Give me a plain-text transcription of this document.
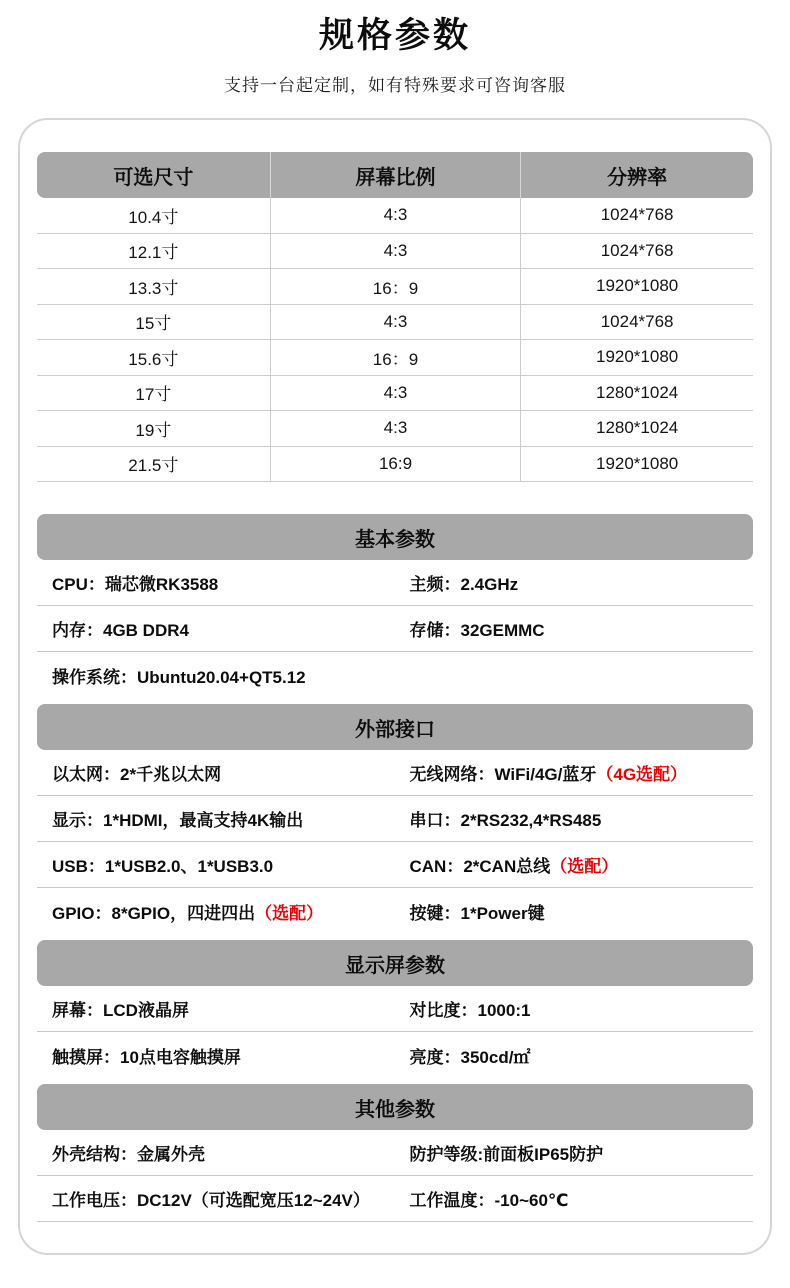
规格参数
支持一台起定制，如有特殊要求可咨询客服
可选尺寸	屏幕比例	分辨率
10.4寸	4:3	1024*768
12.1寸	4:3	1024*768
13.3寸	16：9	1920*1080
15寸	4:3	1024*768
15.6寸	16：9	1920*1080
17寸	4:3	1280*1024
19寸	4:3	1280*1024
21.5寸	16:9	1920*1080
基本参数
CPU：瑞芯微RK3588	主频：2.4GHz
内存：4GB DDR4	存储：32GEMMC
操作系统：Ubuntu20.04+QT5.12
外部接口
以太网：2*千兆以太网	无线网络：WiFi/4G/蓝牙（4G选配）
显示：1*HDMI，最高支持4K输出	串口：2*RS232,4*RS485
USB：1*USB2.0、1*USB3.0	CAN：2*CAN总线（选配）
GPIO：8*GPIO，四进四出（选配）	按键：1*Power键
显示屏参数
屏幕：LCD液晶屏	对比度：1000:1
触摸屏：10点电容触摸屏	亮度：350cd/㎡
其他参数
外壳结构：金属外壳	防护等级:前面板IP65防护
工作电压：DC12V（可选配宽压12~24V）	工作温度：-10~60℃
